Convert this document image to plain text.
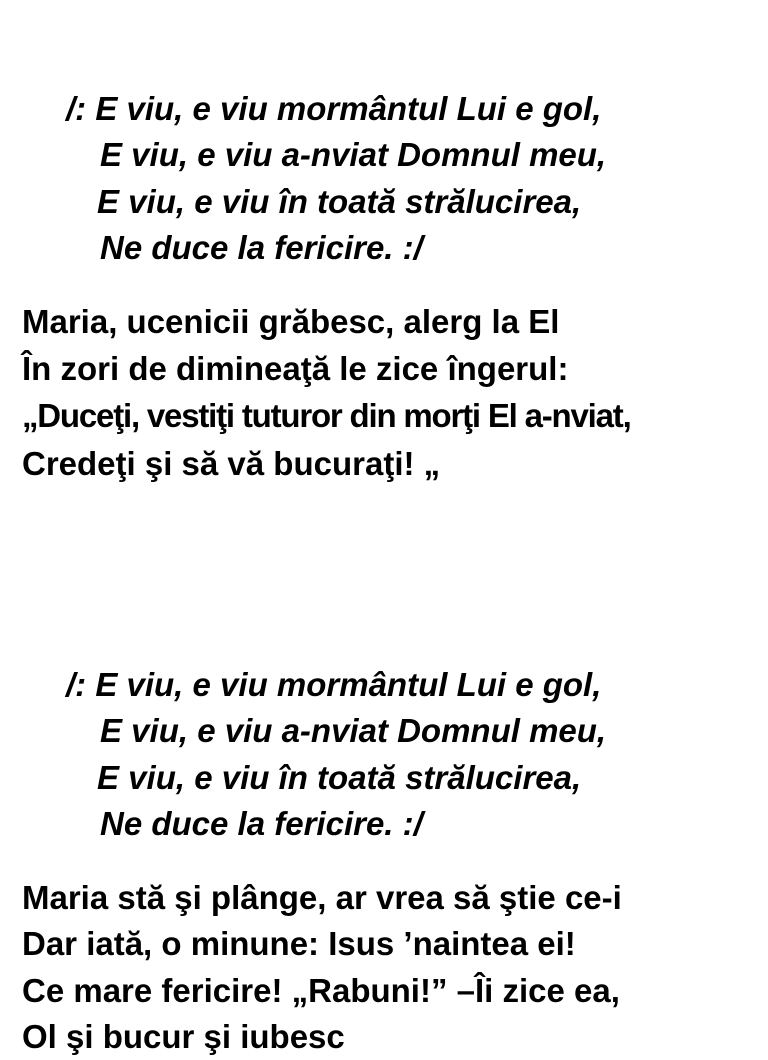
/: E viu, e viu mormântul Lui e gol,
E viu, e viu a-nviat Domnul meu,
E viu, e viu în toată strălucirea,
Ne duce la fericire. :/
Maria, ucenicii grăbesc, alerg la El
În zori de dimineaţă le zice îngerul:
„Duceţi, vestiţi tuturor din morţi El a-nviat,
Credeţi şi să vă bucuraţi! „
/: E viu, e viu mormântul Lui e gol,
E viu, e viu a-nviat Domnul meu,
E viu, e viu în toată strălucirea,
Ne duce la fericire. :/
Maria stă şi plânge, ar vrea să ştie ce-i
Dar iată, o minune: Isus ’naintea ei!
Ce mare fericire! „Rabuni!” –Îi zice ea,
Ol şi bucur şi iubesc
